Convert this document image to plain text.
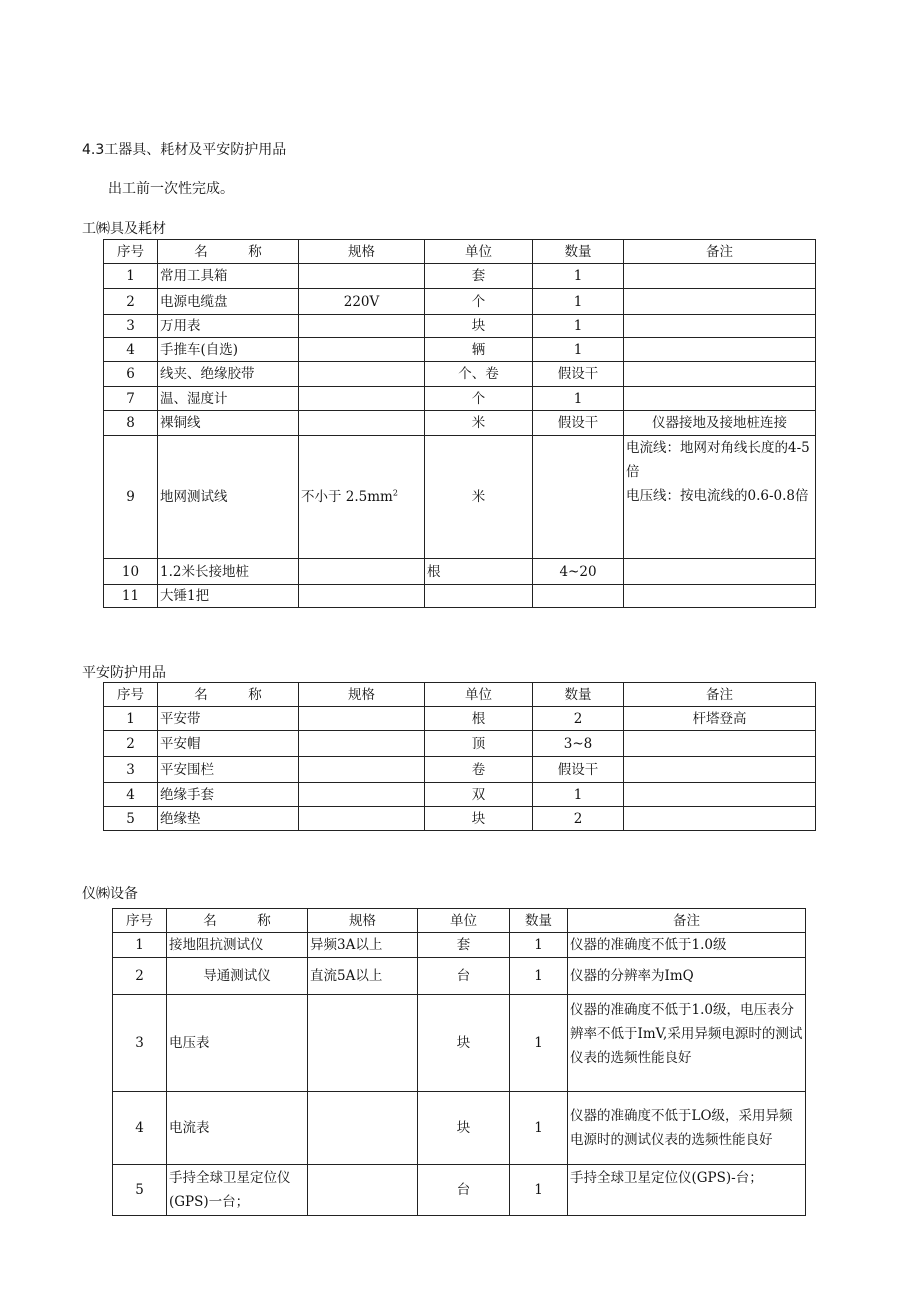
4.3工器具、耗材及平安防护用品
出工前一次性完成。
工㈱具及耗材
序号	名　　　称	规格	单位	数量	备注
1	常用工具箱		套	1	
2	电源电缆盘	220V	个	1	
3	万用表		块	1	
4	手推车(自选)		辆	1	
6	线夹、绝缘胶带		个、卷	假设干	
7	温、湿度计		个	1	
8	裸铜线		米	假设干	仪器接地及接地桩连接
9	地网测试线	不小于 $2.5mm^2$	米		电流线：地网对角线长度的4-5倍
电压线：按电流线的0.6-0.8倍
10	1.2米长接地桩		根	4~20	
11	大锤1把				
平安防护用品
序号	名　　　称	规格	单位	数量	备注
1	平安带		根	2	杆塔登高
2	平安帽		顶	3~8	
3	平安围栏		卷	假设干	
4	绝缘手套		双	1	
5	绝缘垫		块	2	
仪㈱设备
序号	名　　　称	规格	单位	数量	备注
1	接地阻抗测试仪	异频3A以上	套	1	仪器的准确度不低于1.0级
2	导通测试仪	直流5A以上	台	1	仪器的分辨率为ImQ
3	电压表		块	1	仪器的准确度不低于1.0级，电压表分辨率不低于ImV,采用异频电源时的测试仪表的选频性能良好
4	电流表		块	1	仪器的准确度不低于LO级，采用异频电源时的测试仪表的选频性能良好
5	手持全球卫星定位仪(GPS)一台；		台	1	手持全球卫星定位仪(GPS)-台；
